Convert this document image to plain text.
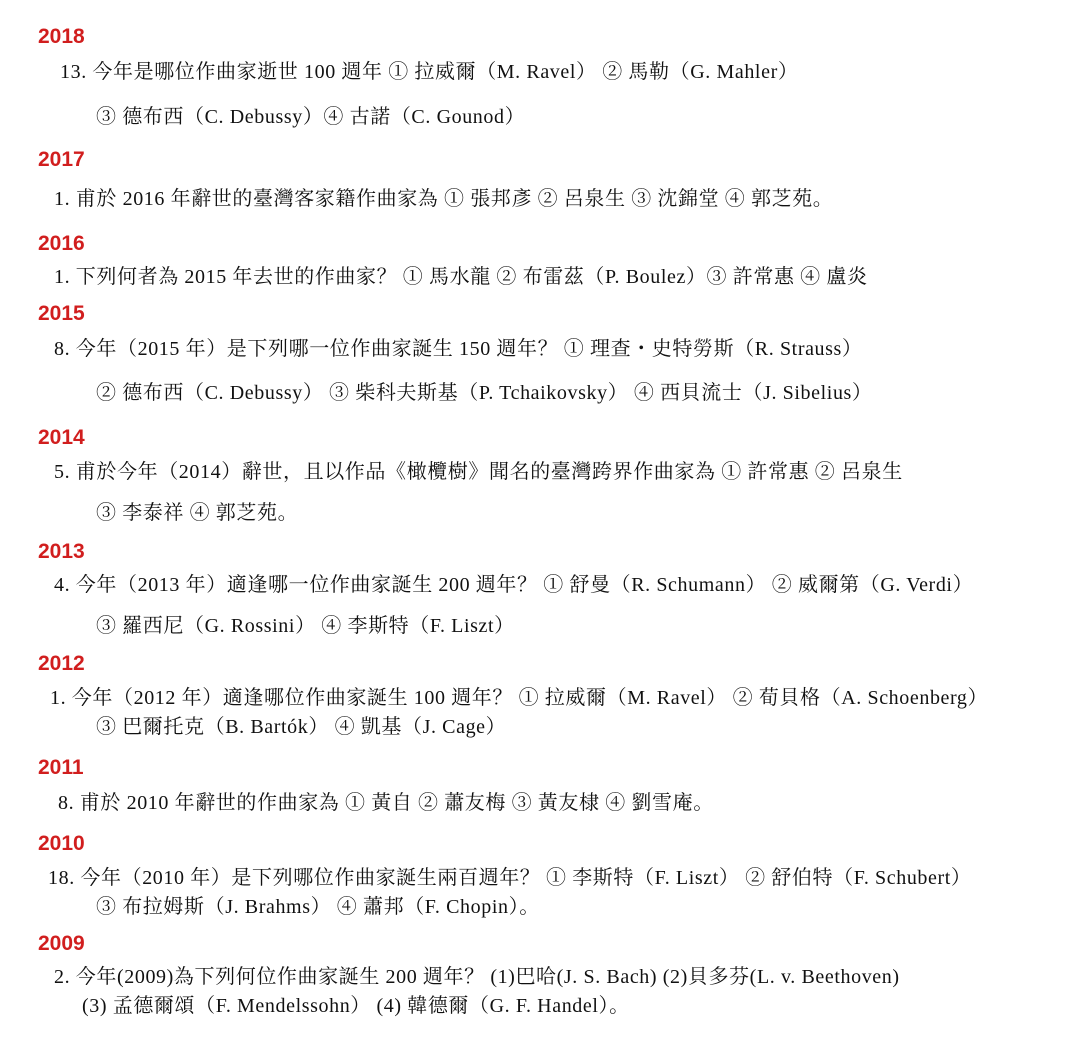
2018
13. 今年是哪位作曲家逝世 100 週年 ① 拉威爾（M. Ravel） ② 馬勒（G. Mahler）
③ 德布西（C. Debussy）④ 古諾（C. Gounod）
2017
1. 甫於 2016 年辭世的臺灣客家籍作曲家為 ① 張邦彥 ② 呂泉生 ③ 沈錦堂 ④ 郭芝苑。
2016
1. 下列何者為 2015 年去世的作曲家？ ① 馬水龍 ② 布雷茲（P. Boulez）③ 許常惠 ④ 盧炎
2015
8. 今年（2015 年）是下列哪一位作曲家誕生 150 週年？ ① 理查・史特勞斯（R. Strauss）
② 德布西（C. Debussy） ③ 柴科夫斯基（P. Tchaikovsky） ④ 西貝流士（J. Sibelius）
2014
5. 甫於今年（2014）辭世，且以作品《橄欖樹》聞名的臺灣跨界作曲家為 ① 許常惠 ② 呂泉生
③ 李泰祥 ④ 郭芝苑。
2013
4. 今年（2013 年）適逢哪一位作曲家誕生 200 週年？ ① 舒曼（R. Schumann） ② 威爾第（G. Verdi）
③ 羅西尼（G. Rossini） ④ 李斯特（F. Liszt）
2012
1. 今年（2012 年）適逢哪位作曲家誕生 100 週年？ ① 拉威爾（M. Ravel） ② 荀貝格（A. Schoenberg）
③ 巴爾托克（B. Bartók） ④ 凱基（J. Cage）
2011
8. 甫於 2010 年辭世的作曲家為 ① 黃自 ② 蕭友梅 ③ 黃友棣 ④ 劉雪庵。
2010
18. 今年（2010 年）是下列哪位作曲家誕生兩百週年？ ① 李斯特（F. Liszt） ② 舒伯特（F. Schubert）
③ 布拉姆斯（J. Brahms） ④ 蕭邦（F. Chopin）。
2009
2. 今年(2009)為下列何位作曲家誕生 200 週年？ (1)巴哈(J. S. Bach) (2)貝多芬(L. v. Beethoven)
(3) 孟德爾頌（F. Mendelssohn） (4) 韓德爾（G. F. Handel）。
